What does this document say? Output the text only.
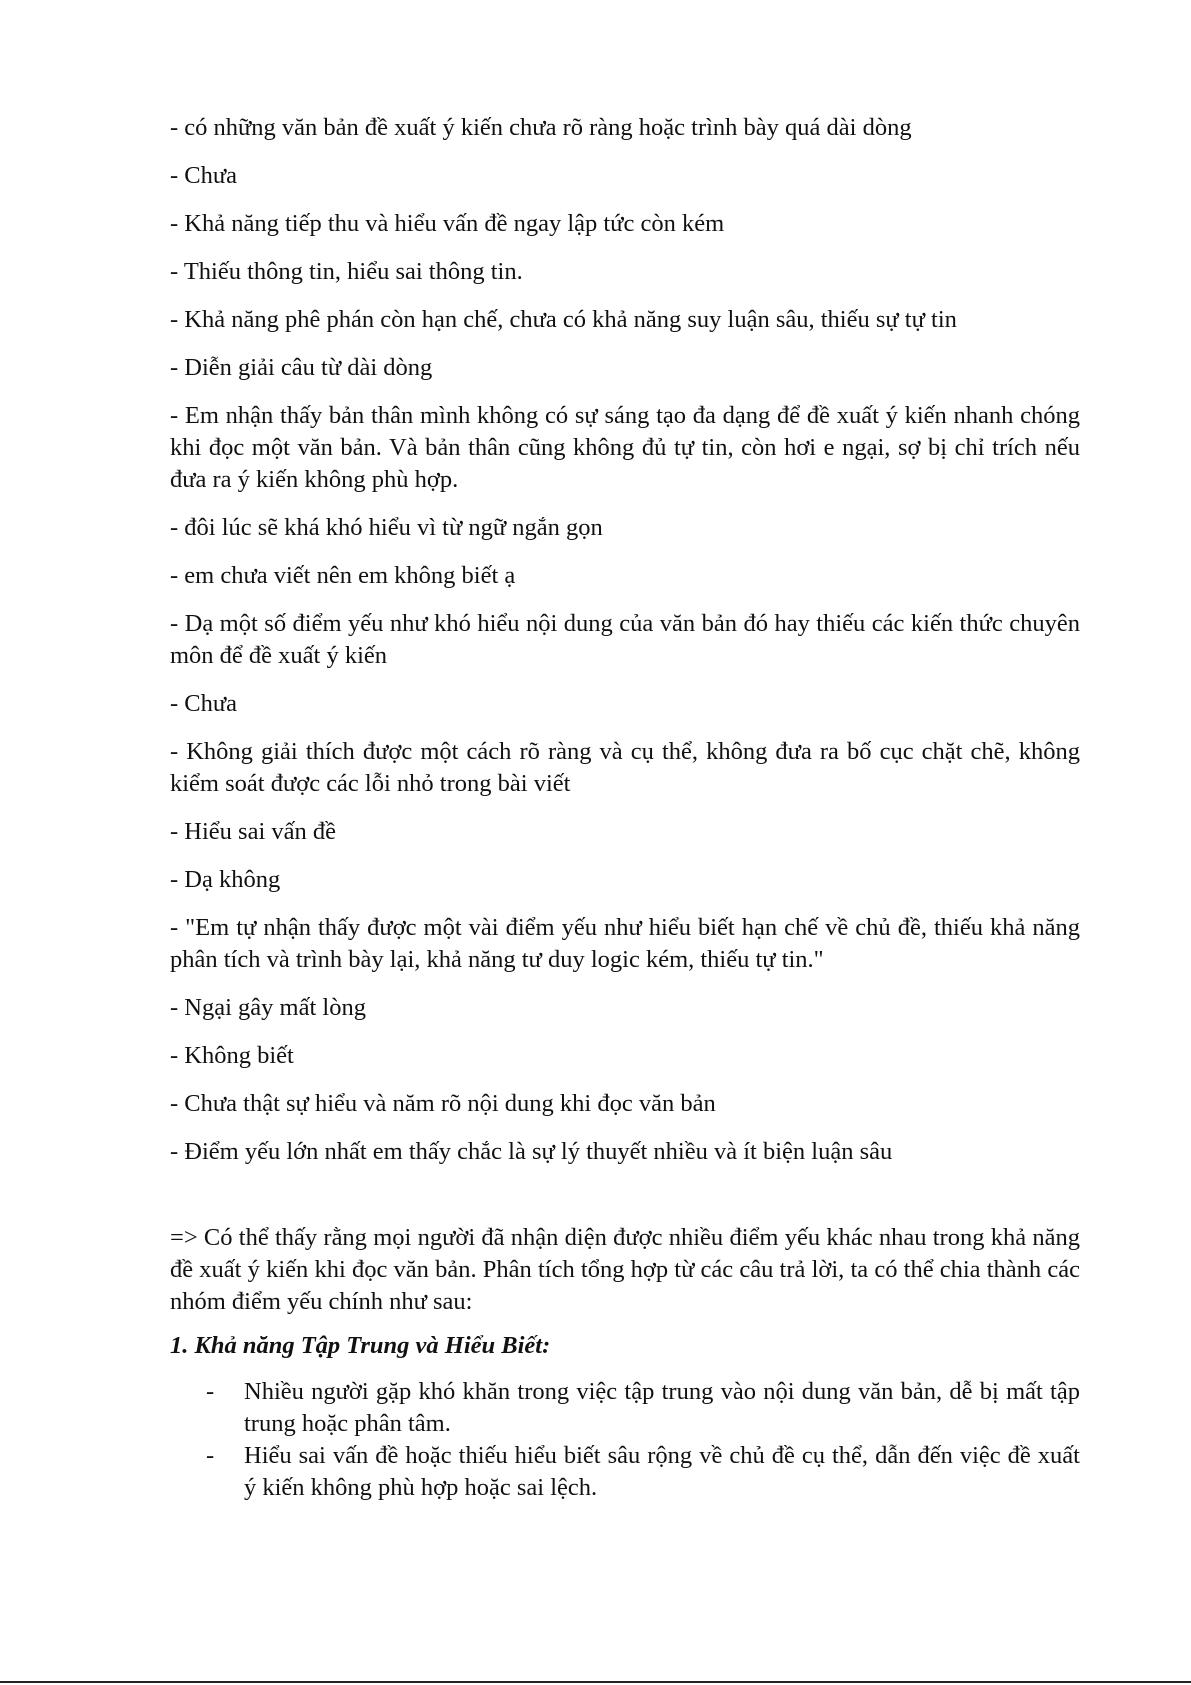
- có những văn bản đề xuất ý kiến chưa rõ ràng hoặc trình bày quá dài dòng

- Chưa

- Khả năng tiếp thu và hiểu vấn đề ngay lập tức còn kém

- Thiếu thông tin, hiểu sai thông tin.

- Khả năng phê phán còn hạn chế, chưa có khả năng suy luận sâu, thiếu sự tự tin

- Diễn giải câu từ dài dòng

- Em nhận thấy bản thân mình không có sự sáng tạo đa dạng để đề xuất ý kiến nhanh chóng khi đọc một văn bản. Và bản thân cũng không đủ tự tin, còn hơi e ngại, sợ bị chỉ trích nếu đưa ra ý kiến không phù hợp.

- đôi lúc sẽ khá khó hiểu vì từ ngữ ngắn gọn

- em chưa viết nên em không biết ạ

- Dạ một số điểm yếu như khó hiểu nội dung của văn bản đó hay thiếu các kiến thức chuyên môn để đề xuất ý kiến

- Chưa

- Không giải thích được một cách rõ ràng và cụ thể, không đưa ra bố cục chặt chẽ, không kiểm soát được các lỗi nhỏ trong bài viết

- Hiểu sai vấn đề

- Dạ không

- "Em tự nhận thấy được một vài điểm yếu như hiểu biết hạn chế về chủ đề, thiếu khả năng phân tích và trình bày lại, khả năng tư duy logic kém, thiếu tự tin."

- Ngại gây mất lòng

- Không biết

- Chưa thật sự hiểu và năm rõ nội dung khi đọc văn bản

- Điểm yếu lớn nhất em thấy chắc là sự lý thuyết nhiều và ít biện luận sâu

=> Có thể thấy rằng mọi người đã nhận diện được nhiều điểm yếu khác nhau trong khả năng đề xuất ý kiến khi đọc văn bản. Phân tích tổng hợp từ các câu trả lời, ta có thể chia thành các nhóm điểm yếu chính như sau:

1. Khả năng Tập Trung và Hiểu Biết:

- Nhiều người gặp khó khăn trong việc tập trung vào nội dung văn bản, dễ bị mất tập trung hoặc phân tâm.
- Hiểu sai vấn đề hoặc thiếu hiểu biết sâu rộng về chủ đề cụ thể, dẫn đến việc đề xuất ý kiến không phù hợp hoặc sai lệch.
